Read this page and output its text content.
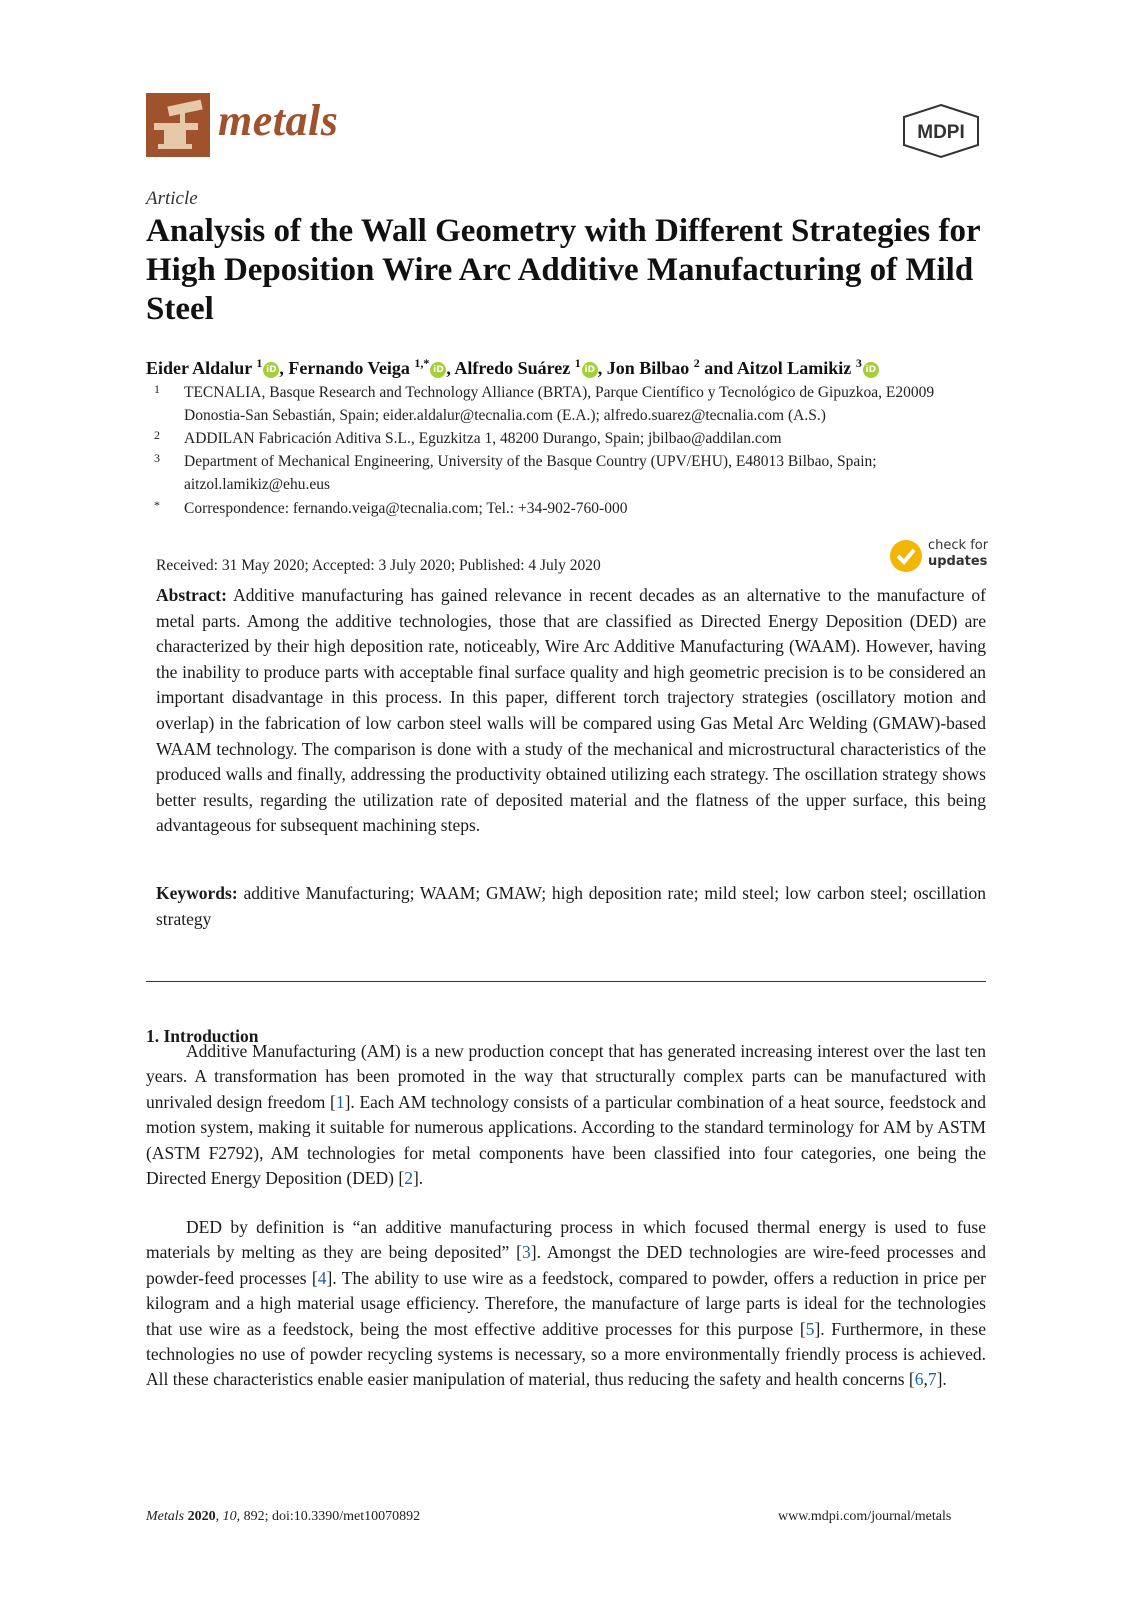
metals	MDPI
Article
Analysis of the Wall Geometry with Different Strategies for High Deposition Wire Arc Additive Manufacturing of Mild Steel
Eider Aldalur $^1$ iD , Fernando Veiga $^{1,*}$ iD , Alfredo Suárez $^1$ iD , Jon Bilbao $^2$ and Aitzol Lamikiz $^3$ iD
1 TECNALIA, Basque Research and Technology Alliance (BRTA), Parque Científico y Tecnológico de Gipuzkoa, E20009 Donostia-San Sebastián, Spain; eider.aldalur@tecnalia.com (E.A.); alfredo.suarez@tecnalia.com (A.S.)
2 ADDILAN Fabricación Aditiva S.L., Eguzkitza 1, 48200 Durango, Spain; jbilbao@addilan.com
3 Department of Mechanical Engineering, University of the Basque Country (UPV/EHU), E48013 Bilbao, Spain; aitzol.lamikiz@ehu.eus
* Correspondence: fernando.veiga@tecnalia.com; Tel.: +34-902-760-000
Received: 31 May 2020; Accepted: 3 July 2020; Published: 4 July 2020
check for
updates
Abstract: Additive manufacturing has gained relevance in recent decades as an alternative to the manufacture of metal parts. Among the additive technologies, those that are classified as Directed Energy Deposition (DED) are characterized by their high deposition rate, noticeably, Wire Arc Additive Manufacturing (WAAM). However, having the inability to produce parts with acceptable final surface quality and high geometric precision is to be considered an important disadvantage in this process. In this paper, different torch trajectory strategies (oscillatory motion and overlap) in the fabrication of low carbon steel walls will be compared using Gas Metal Arc Welding (GMAW)-based WAAM technology. The comparison is done with a study of the mechanical and microstructural characteristics of the produced walls and finally, addressing the productivity obtained utilizing each strategy. The oscillation strategy shows better results, regarding the utilization rate of deposited material and the flatness of the upper surface, this being advantageous for subsequent machining steps.
Keywords: additive Manufacturing; WAAM; GMAW; high deposition rate; mild steel; low carbon steel; oscillation strategy
1. Introduction
Additive Manufacturing (AM) is a new production concept that has generated increasing interest over the last ten years. A transformation has been promoted in the way that structurally complex parts can be manufactured with unrivaled design freedom [1]. Each AM technology consists of a particular combination of a heat source, feedstock and motion system, making it suitable for numerous applications. According to the standard terminology for AM by ASTM (ASTM F2792), AM technologies for metal components have been classified into four categories, one being the Directed Energy Deposition (DED) [2].
DED by definition is “an additive manufacturing process in which focused thermal energy is used to fuse materials by melting as they are being deposited” [3]. Amongst the DED technologies are wire-feed processes and powder-feed processes [4]. The ability to use wire as a feedstock, compared to powder, offers a reduction in price per kilogram and a high material usage efficiency. Therefore, the manufacture of large parts is ideal for the technologies that use wire as a feedstock, being the most effective additive processes for this purpose [5]. Furthermore, in these technologies no use of powder recycling systems is necessary, so a more environmentally friendly process is achieved. All these characteristics enable easier manipulation of material, thus reducing the safety and health concerns [6,7].
Metals 2020, 10, 892; doi:10.3390/met10070892	www.mdpi.com/journal/metals
